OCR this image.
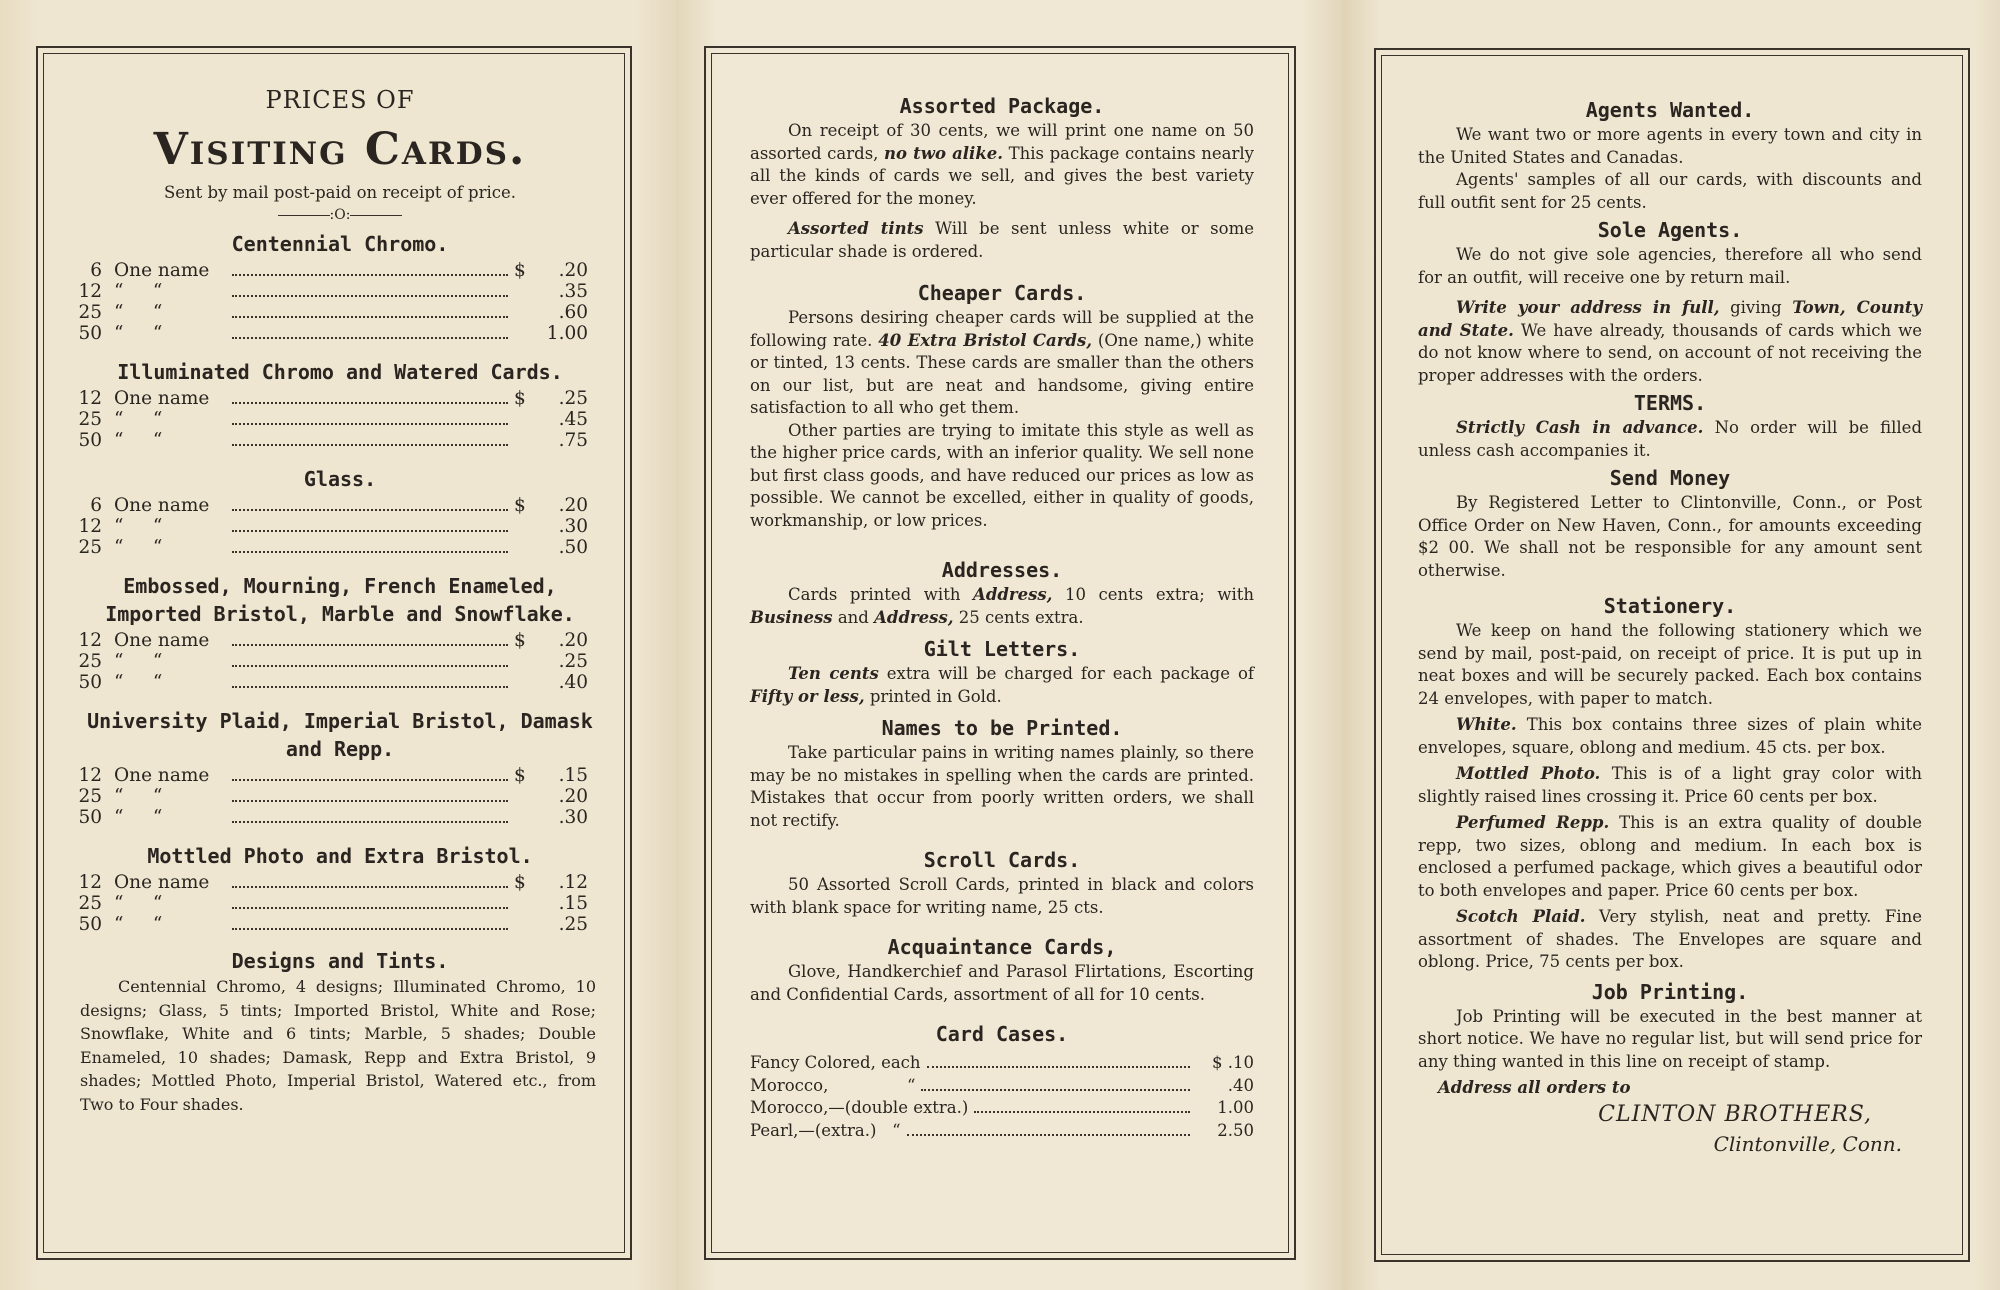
PRICES OF
Visiting Cards.
Sent by mail post-paid on receipt of price.
:O:
Centennial Chromo.
6 One name	$	.20
12 “     “	.35
25 “     “	.60
50 “     “	1.00
Illuminated Chromo and Watered Cards.
12 One name	$	.25
25 “     “	.45
50 “     “	.75
Glass.
6 One name	$	.20
12 “     “	.30
25 “     “	.50
Embossed, Mourning, French Enameled, Imported Bristol, Marble and Snowflake.
12 One name	$	.20
25 “     “	.25
50 “     “	.40
University Plaid, Imperial Bristol, Damask and Repp.
12 One name	$	.15
25 “     “	.20
50 “     “	.30
Mottled Photo and Extra Bristol.
12 One name	$	.12
25 “     “	.15
50 “     “	.25
Designs and Tints.

Centennial Chromo, 4 designs; Illuminated Chromo, 10 designs; Glass, 5 tints; Imported Bristol, White and Rose; Snowflake, White and 6 tints; Marble, 5 shades; Double Enameled, 10 shades; Damask, Repp and Extra Bristol, 9 shades; Mottled Photo, Imperial Bristol, Watered etc., from Two to Four shades.

Assorted Package.

On receipt of 30 cents, we will print one name on 50 assorted cards, no two alike. This package contains nearly all the kinds of cards we sell, and gives the best variety ever offered for the money.

Assorted tints Will be sent unless white or some particular shade is ordered.

Cheaper Cards.

Persons desiring cheaper cards will be supplied at the following rate. 40 Extra Bristol Cards, (One name,) white or tinted, 13 cents. These cards are smaller than the others on our list, but are neat and handsome, giving entire satisfaction to all who get them.

Other parties are trying to imitate this style as well as the higher price cards, with an inferior quality. We sell none but first class goods, and have reduced our prices as low as possible. We cannot be excelled, either in quality of goods, workmanship, or low prices.

Addresses.

Cards printed with Address, 10 cents extra; with Business and Address, 25 cents extra.

Gilt Letters.

Ten cents extra will be charged for each package of Fifty or less, printed in Gold.

Names to be Printed.

Take particular pains in writing names plainly, so there may be no mistakes in spelling when the cards are printed. Mistakes that occur from poorly written orders, we shall not rectify.

Scroll Cards.

50 Assorted Scroll Cards, printed in black and colors with blank space for writing name, 25 cts.

Acquaintance Cards,

Glove, Handkerchief and Parasol Flirtations, Escorting and Confidential Cards, assortment of all for 10 cents.

Card Cases.
Fancy Colored, each	$ .10
Morocco,               “	.40
Morocco,—(double extra.)	1.00
Pearl,—(extra.)   “	2.50
Agents Wanted.

We want two or more agents in every town and city in the United States and Canadas.

Agents' samples of all our cards, with discounts and full outfit sent for 25 cents.

Sole Agents.

We do not give sole agencies, therefore all who send for an outfit, will receive one by return mail.

Write your address in full, giving Town, County and State. We have already, thousands of cards which we do not know where to send, on account of not receiving the proper addresses with the orders.

TERMS.

Strictly Cash in advance. No order will be filled unless cash accompanies it.

Send Money

By Registered Letter to Clintonville, Conn., or Post Office Order on New Haven, Conn., for amounts exceeding $2 00. We shall not be responsible for any amount sent otherwise.

Stationery.

We keep on hand the following stationery which we send by mail, post-paid, on receipt of price. It is put up in neat boxes and will be securely packed. Each box contains 24 envelopes, with paper to match.

White. This box contains three sizes of plain white envelopes, square, oblong and medium. 45 cts. per box.

Mottled Photo. This is of a light gray color with slightly raised lines crossing it. Price 60 cents per box.

Perfumed Repp. This is an extra quality of double repp, two sizes, oblong and medium. In each box is enclosed a perfumed package, which gives a beautiful odor to both envelopes and paper. Price 60 cents per box.

Scotch Plaid. Very stylish, neat and pretty. Fine assortment of shades. The Envelopes are square and oblong. Price, 75 cents per box.

Job Printing.

Job Printing will be executed in the best manner at short notice. We have no regular list, but will send price for any thing wanted in this line on receipt of stamp.

Address all orders to
CLINTON BROTHERS,
Clintonville, Conn.
